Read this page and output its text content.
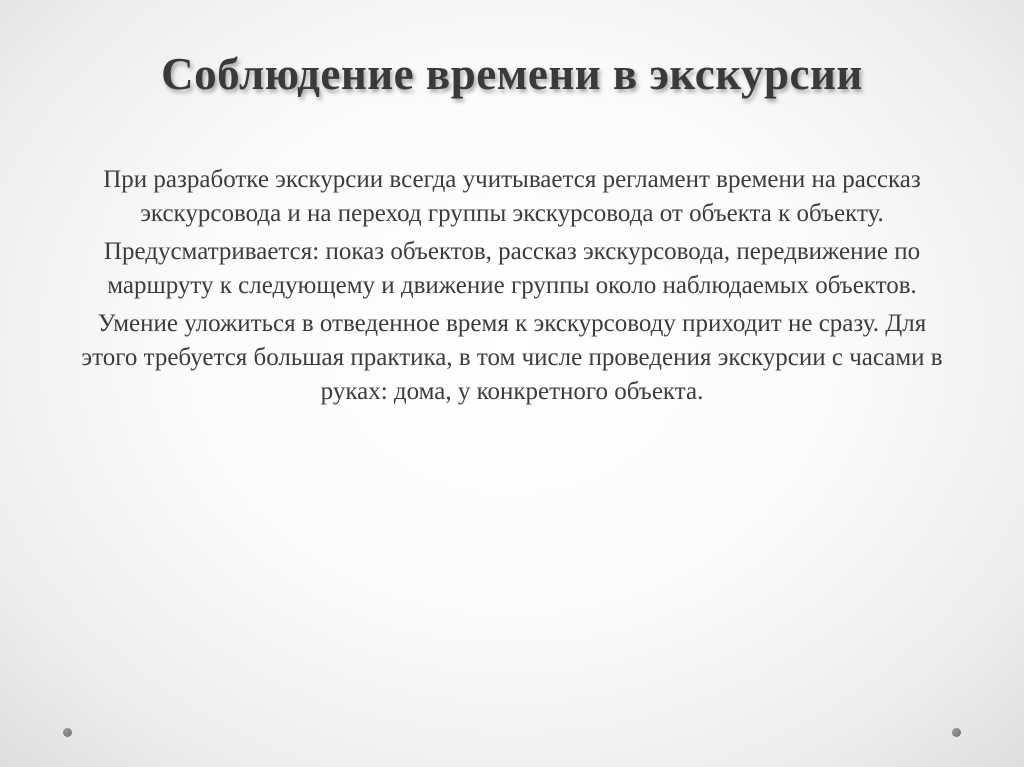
Соблюдение времени в экскурсии

При разработке экскурсии всегда учитывается регламент времени на рассказ экскурсовода и на переход группы экскурсовода от объекта к объекту.

Предусматривается: показ объектов, рассказ экскурсовода, передвижение по маршруту к следующему и движение группы около наблюдаемых объектов.

Умение уложиться в отведенное время к экскурсоводу приходит не сразу. Для этого требуется большая практика, в том числе проведения экскурсии с часами в руках: дома, у конкретного объекта.
